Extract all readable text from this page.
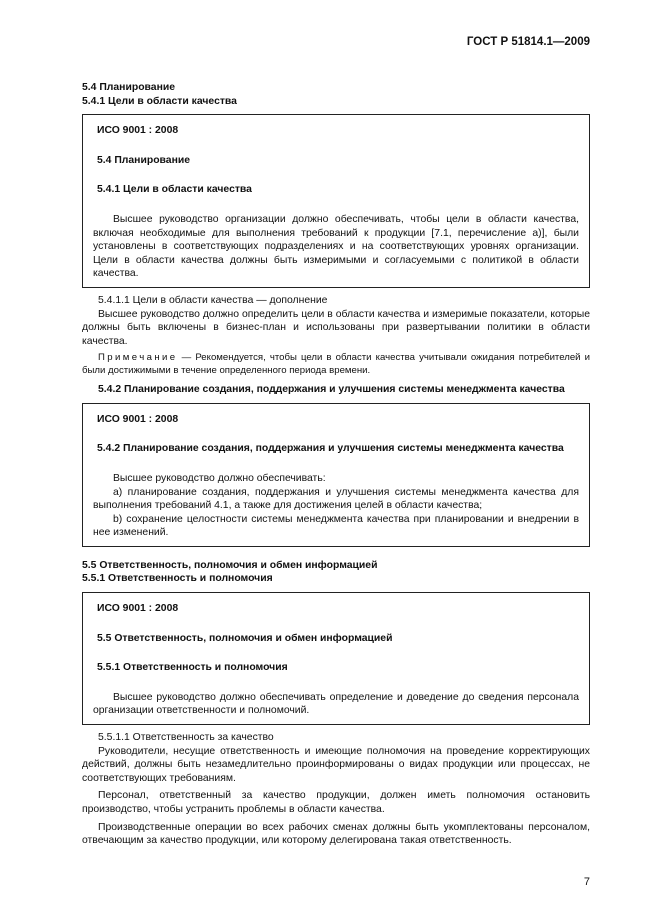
ГОСТ Р 51814.1—2009
5.4 Планирование
5.4.1 Цели в области качества
ИСО 9001 : 2008
5.4 Планирование
5.4.1 Цели в области качества

Высшее руководство организации должно обеспечивать, чтобы цели в области качества, включая необходимые для выполнения требований к продукции [7.1, перечисление а)], были установлены в соответствующих подразделениях и на соответствующих уровнях организации. Цели в области качества должны быть измеримыми и согласуемыми с политикой в области качества.

5.4.1.1 Цели в области качества — дополнение

Высшее руководство должно определить цели в области качества и измеримые показатели, которые должны быть включены в бизнес-план и использованы при развертывании политики в области качества.

Примечание — Рекомендуется, чтобы цели в области качества учитывали ожидания потребителей и были достижимыми в течение определенного периода времени.
5.4.2 Планирование создания, поддержания и улучшения системы менеджмента качества
ИСО 9001 : 2008
5.4.2 Планирование создания, поддержания и улучшения системы менеджмента качества

Высшее руководство должно обеспечивать:

а) планирование создания, поддержания и улучшения системы менеджмента качества для выполнения требований 4.1, а также для достижения целей в области качества;

b) сохранение целостности системы менеджмента качества при планировании и внедрении в нее изменений.

5.5 Ответственность, полномочия и обмен информацией
5.5.1 Ответственность и полномочия
ИСО 9001 : 2008
5.5 Ответственность, полномочия и обмен информацией
5.5.1 Ответственность и полномочия

Высшее руководство должно обеспечивать определение и доведение до сведения персонала организации ответственности и полномочий.

5.5.1.1 Ответственность за качество

Руководители, несущие ответственность и имеющие полномочия на проведение корректирующих действий, должны быть незамедлительно проинформированы о видах продукции или процессах, не соответствующих требованиям.

Персонал, ответственный за качество продукции, должен иметь полномочия остановить производство, чтобы устранить проблемы в области качества.

Производственные операции во всех рабочих сменах должны быть укомплектованы персоналом, отвечающим за качество продукции, или которому делегирована такая ответственность.

7
